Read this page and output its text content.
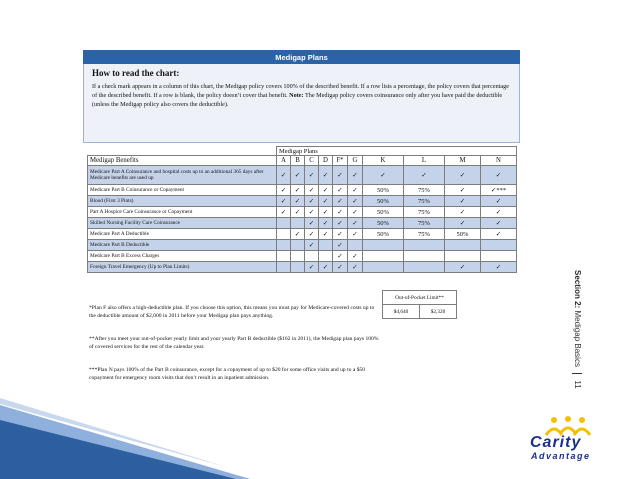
Medigap Plans
How to read the chart:

If a check mark appears in a column of this chart, the Medigap policy covers 100% of the described benefit. If a row lists a percentage, the policy covers that percentage of the described benefit. If a row is blank, the policy doesn’t cover that benefit. Note: The Medigap policy covers coinsurance only after you have paid the deductible (unless the Medigap policy also covers the deductible).

	Medigap Plans									
Medigap Benefits	A	B	C	D	F*	G	K	L	M	N
Medicare Part A Coinsurance and hospital costs up to an additional 365 days after Medicare benefits are used up	✓	✓	✓	✓	✓	✓	✓	✓	✓	✓
Medicare Part B Coinsurance or Copayment	✓	✓	✓	✓	✓	✓	50%	75%	✓	✓***
Blood (First 3 Pints)	✓	✓	✓	✓	✓	✓	50%	75%	✓	✓
Part A Hospice Care Coinsurance or Copayment	✓	✓	✓	✓	✓	✓	50%	75%	✓	✓
Skilled Nursing Facility Care Coinsurance			✓	✓	✓	✓	50%	75%	✓	✓
Medicare Part A Deductible		✓	✓	✓	✓	✓	50%	75%	50%	✓
Medicare Part B Deductible			✓		✓					
Medicare Part B Excess Charges					✓	✓				
Foreign Travel Emergency (Up to Plan Limits)			✓	✓	✓	✓			✓	✓
Out-of-Pocket Limit**
$4,640	$2,320

*Plan F also offers a high-deductible plan. If you choose this option, this means you must pay for Medicare-covered costs up to the deductible amount of $2,000 in 2011 before your Medigap plan pays anything.

**After you meet your out-of-pocket yearly limit and your yearly Part B deductible ($162 in 2011), the Medigap plan pays 100% of covered services for the rest of the calendar year.

***Plan N pays 100% of the Part B coinsurance, except for a copayment of up to $20 for some office visits and up to a $50 copayment for emergency room visits that don’t result in an inpatient admission.

Section 2: Medigap Basics  11
Carity
Advantage
